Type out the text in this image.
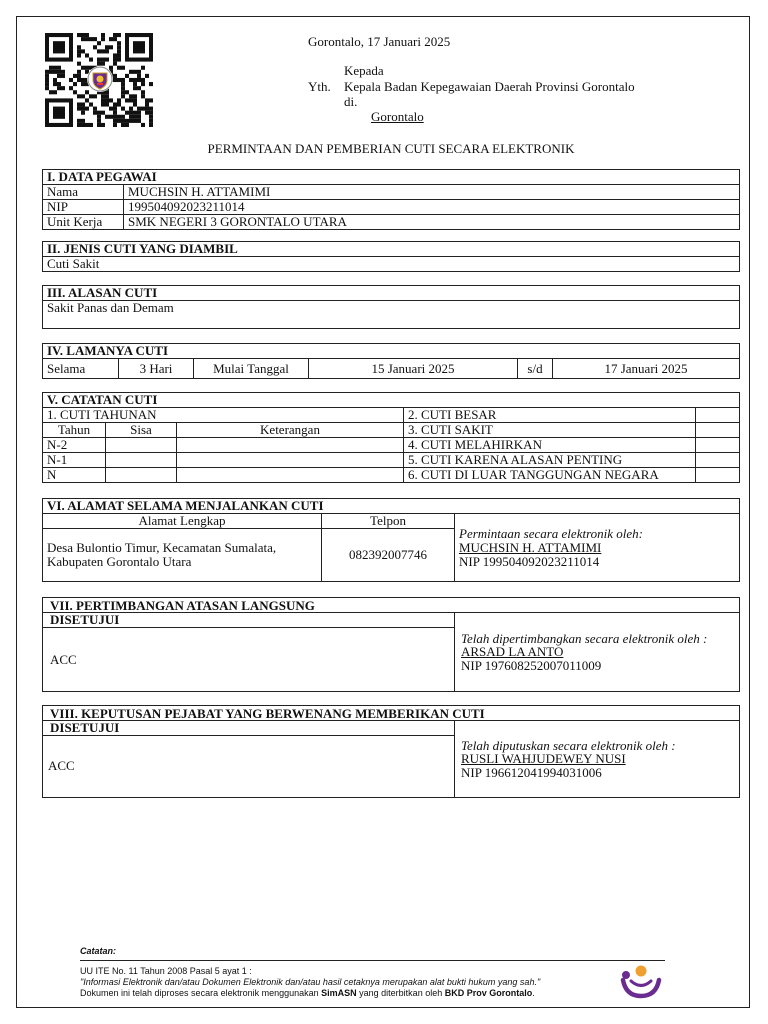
Gorontalo, 17 Januari 2025
Kepada
Yth. Kepala Badan Kepegawaian Daerah Provinsi Gorontalo
di.
Gorontalo
PERMINTAAN DAN PEMBERIAN CUTI SECARA ELEKTRONIK
I. DATA PEGAWAI	
Nama	MUCHSIN H. ATTAMIMI
NIP	199504092023211014
Unit Kerja	SMK NEGERI 3 GORONTALO UTARA
II. JENIS CUTI YANG DIAMBIL
Cuti Sakit
III. ALASAN CUTI
Sakit Panas dan Demam
IV. LAMANYA CUTI
Selama	3 Hari	Mulai Tanggal	15 Januari 2025	s/d	17 Januari 2025
V. CATATAN CUTI				
1. CUTI TAHUNAN			2. CUTI BESAR	
Tahun	Sisa	Keterangan	3. CUTI SAKIT	
N-2			4. CUTI MELAHIRKAN	
N-1			5. CUTI KARENA ALASAN PENTING	
N			6. CUTI DI LUAR TANGGUNGAN NEGARA	
VI. ALAMAT SELAMA MENJALANKAN CUTI		
Alamat Lengkap	Telpon	Permintaan secara elektronik oleh:
MUCHSIN H. ATTAMIMI
NIP 199504092023211014

Desa Bulontio Timur, Kecamatan Sumalata,
Kabupaten Gorontalo Utara	082392007746	
VII. PERTIMBANGAN ATASAN LANGSUNG
DISETUJUI
ACC
Telah dipertimbangkan secara elektronik oleh :
ARSAD LA ANTO
NIP 197608252007011009
VIII. KEPUTUSAN PEJABAT YANG BERWENANG MEMBERIKAN CUTI
DISETUJUI
ACC
Telah diputuskan secara elektronik oleh :
RUSLI WAHJUDEWEY NUSI
NIP 196612041994031006
Catatan:
UU ITE No. 11 Tahun 2008 Pasal 5 ayat 1 :
"Informasi Elektronik dan/atau Dokumen Elektronik dan/atau hasil cetaknya merupakan alat bukti hukum yang sah."
Dokumen ini telah diproses secara elektronik menggunakan SimASN yang diterbitkan oleh BKD Prov Gorontalo.
